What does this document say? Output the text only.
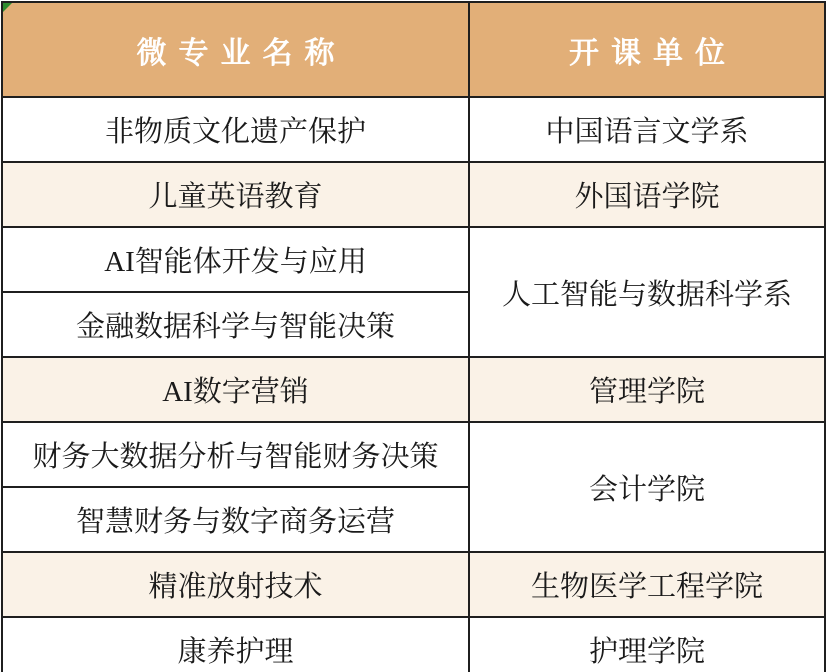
微专业名称	开课单位
非物质文化遗产保护	中国语言文学系
儿童英语教育	外国语学院
AI智能体开发与应用	人工智能与数据科学系
金融数据科学与智能决策	
AI数字营销	管理学院
财务大数据分析与智能财务决策	会计学院
智慧财务与数字商务运营	
精准放射技术	生物医学工程学院
康养护理	护理学院
